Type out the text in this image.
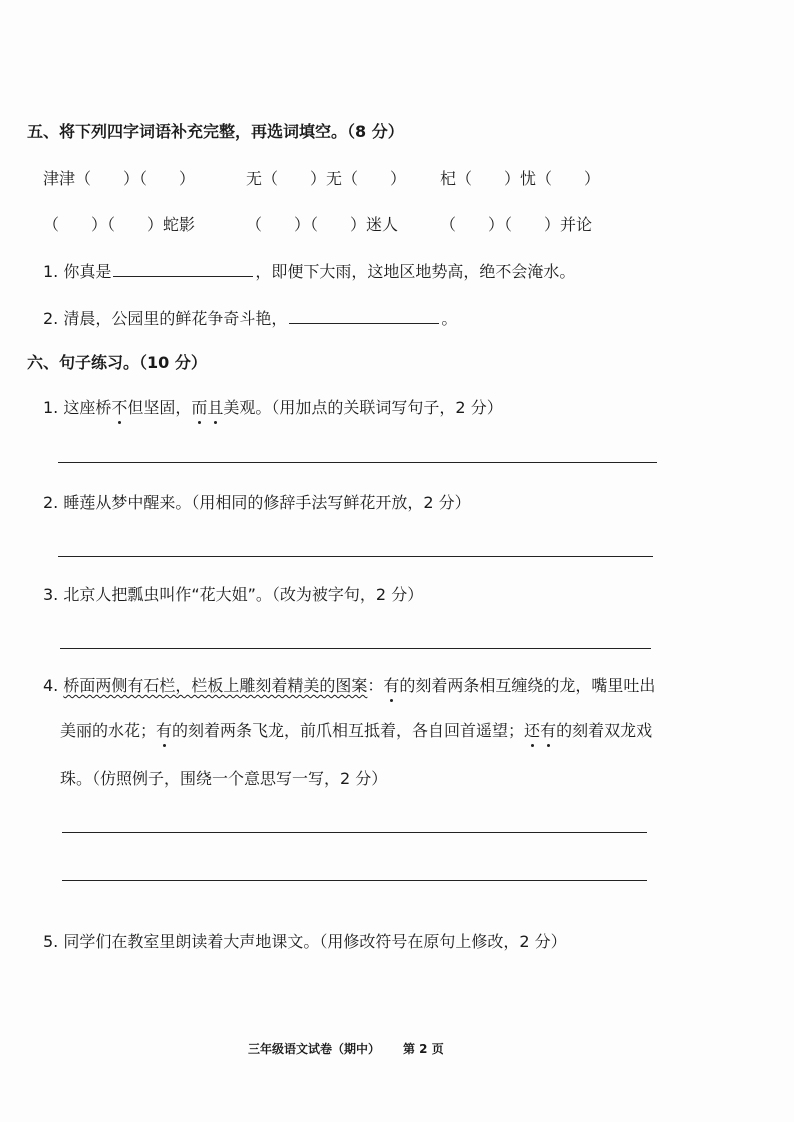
五、将下列四字词语补充完整，再选词填空。（8 分）
津津（　　）（　　）	无（　　）无（　　） 杞（　　）忧（　　）
（　　）（　　）蛇影	（　　）（　　）迷人	（　　）（　　）并论
1. 你真是	，即便下大雨，这地区地势高，绝不会淹水。
2. 清晨，公园里的鲜花争奇斗艳，	。
六、句子练习。（10 分）
1. 这座桥不但坚固，而且美观。（用加点的关联词写句子，2 分）
2. 睡莲从梦中醒来。（用相同的修辞手法写鲜花开放，2 分）
3. 北京人把瓢虫叫作“花大姐”。（改为被字句，2 分）
4. 桥面两侧有石栏，栏板上雕刻着精美的图案：有的刻着两条相互缠绕的龙，嘴里吐出
美丽的水花；有的刻着两条飞龙，前爪相互抵着，各自回首遥望；还有的刻着双龙戏
珠。（仿照例子，围绕一个意思写一写，2 分）
5. 同学们在教室里朗读着大声地课文。（用修改符号在原句上修改，2 分）
三年级语文试卷（期中） 第 2 页
